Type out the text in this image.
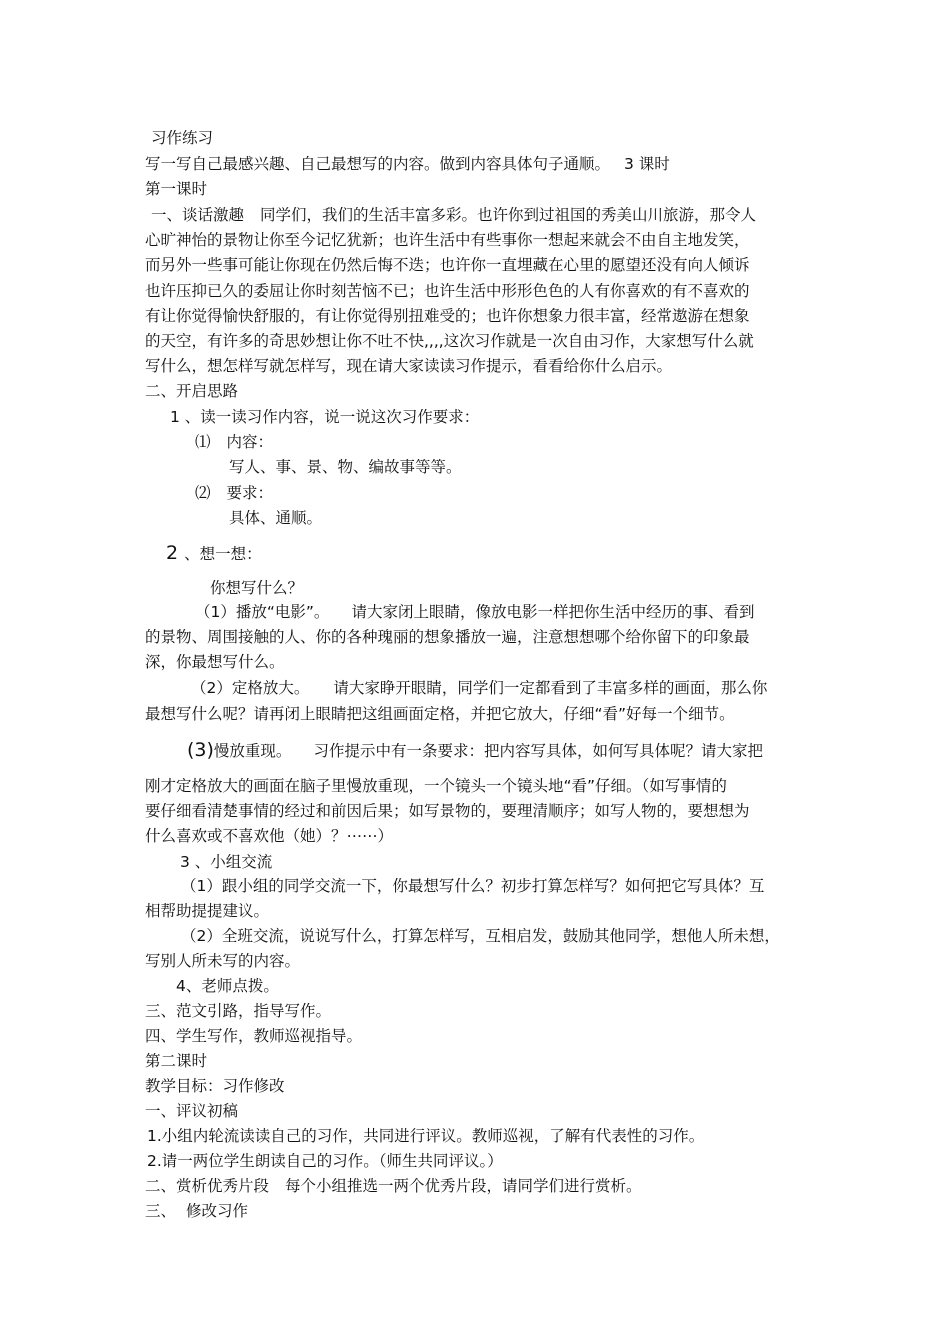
习作练习
写一写自己最感兴趣、自己最想写的内容。做到内容具体句子通顺。 3 课时
第一课时
一、谈话激趣 同学们，我们的生活丰富多彩。也许你到过祖国的秀美山川旅游，那令人
心旷神怡的景物让你至今记忆犹新；也许生活中有些事你一想起来就会不由自主地发笑，
而另外一些事可能让你现在仍然后悔不迭；也许你一直埋藏在心里的愿望还没有向人倾诉
也许压抑已久的委屈让你时刻苦恼不已；也许生活中形形色色的人有你喜欢的有不喜欢的
有让你觉得愉快舒服的，有让你觉得别扭难受的；也许你想象力很丰富，经常遨游在想象
的天空，有许多的奇思妙想让你不吐不快,,,,这次习作就是一次自由习作，大家想写什么就
写什么，想怎样写就怎样写，现在请大家读读习作提示，看看给你什么启示。
二、开启思路
1 、读一读习作内容，说一说这次习作要求：
⑴ 内容：
写人、事、景、物、编故事等等。
⑵ 要求：
具体、通顺。
2 、想一想：
你想写什么？
（1）播放“电影”。 请大家闭上眼睛，像放电影一样把你生活中经历的事、看到
的景物、周围接触的人、你的各种瑰丽的想象播放一遍，注意想想哪个给你留下的印象最
深，你最想写什么。
（2）定格放大。 请大家睁开眼睛，同学们一定都看到了丰富多样的画面，那么你
最想写什么呢？请再闭上眼睛把这组画面定格，并把它放大，仔细“看”好每一个细节。
(3)慢放重现。 习作提示中有一条要求：把内容写具体，如何写具体呢？请大家把
刚才定格放大的画面在脑子里慢放重现，一个镜头一个镜头地“看”仔细。（如写事情的
要仔细看清楚事情的经过和前因后果；如写景物的，要理清顺序；如写人物的，要想想为
什么喜欢或不喜欢他（她）？⋯⋯）
3 、小组交流
（1）跟小组的同学交流一下，你最想写什么？初步打算怎样写？如何把它写具体？互
相帮助提提建议。
（2）全班交流，说说写什么，打算怎样写，互相启发，鼓励其他同学，想他人所未想，
写别人所未写的内容。
4、老师点拨。
三、范文引路，指导写作。
四、学生写作，教师巡视指导。
第二课时
教学目标：习作修改
一、评议初稿
1.小组内轮流读读自己的习作，共同进行评议。教师巡视，了解有代表性的习作。
2.请一两位学生朗读自己的习作。（师生共同评议。）
二、赏析优秀片段 每个小组推选一两个优秀片段，请同学们进行赏析。
三、 修改习作
